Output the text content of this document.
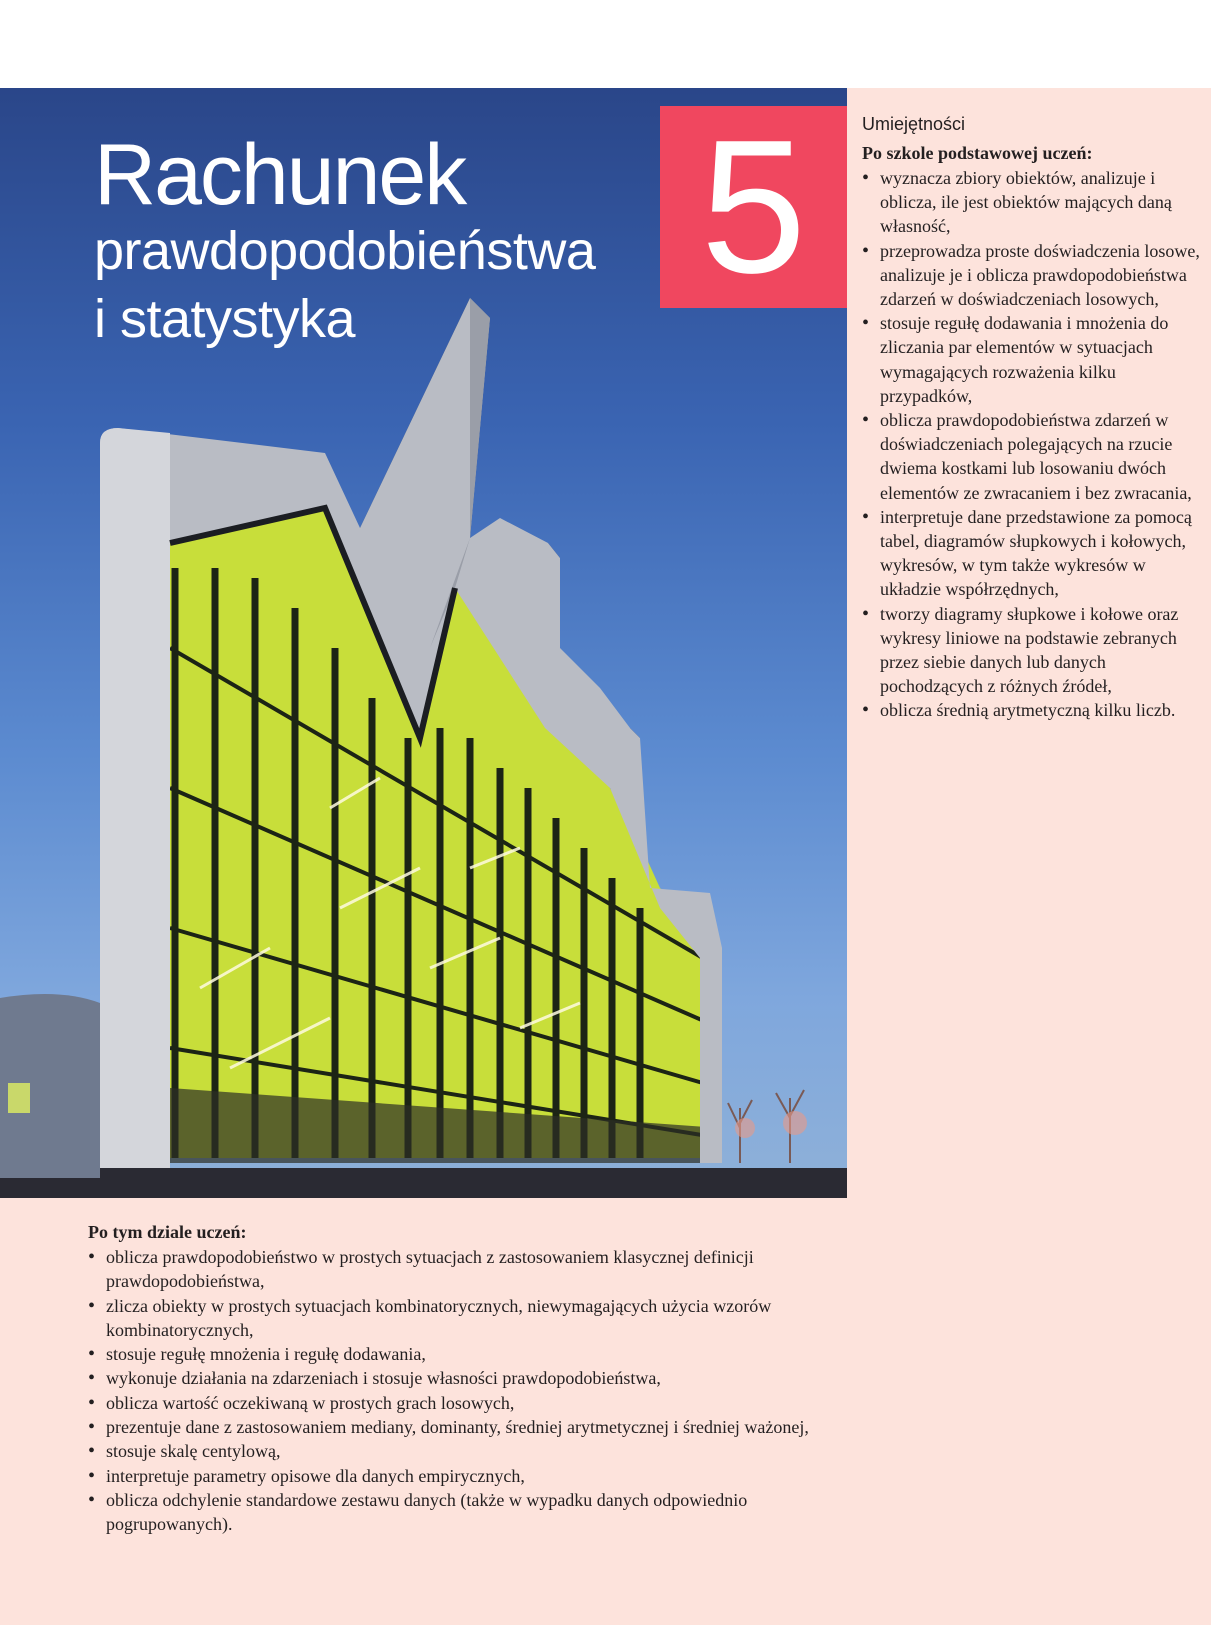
Rachunek
prawdopodobieństwa
i statystyka
5	Umiejętności
Po szkole podstawowej uczeń:
• wyznacza zbiory obiektów, analizuje i oblicza, ile jest obiektów mających daną własność,
• przeprowadza proste doświadczenia losowe, analizuje je i oblicza prawdopodobieństwa zdarzeń w doświadczeniach losowych,
• stosuje regułę dodawania i mnożenia do zliczania par elementów w sytuacjach wymagających rozważenia kilku przypadków,
• oblicza prawdopodobieństwa zdarzeń w doświadczeniach polegających na rzucie dwiema kostkami lub losowaniu dwóch elementów ze zwracaniem i bez zwracania,
• interpretuje dane przedstawione za pomocą tabel, diagramów słupkowych i kołowych, wykresów, w tym także wykresów w układzie współrzędnych,
• tworzy diagramy słupkowe i kołowe oraz wykresy liniowe na podstawie zebranych przez siebie danych lub danych pochodzących z różnych źródeł,
• oblicza średnią arytmetyczną kilku liczb.
Po tym dziale uczeń:
• oblicza prawdopodobieństwo w prostych sytuacjach z zastosowaniem klasycznej definicji prawdopodobieństwa,
• zlicza obiekty w prostych sytuacjach kombinatorycznych, niewymagających użycia wzorów kombinatorycznych,
• stosuje regułę mnożenia i regułę dodawania,
• wykonuje działania na zdarzeniach i stosuje własności prawdopodobieństwa,
• oblicza wartość oczekiwaną w prostych grach losowych,
• prezentuje dane z zastosowaniem mediany, dominanty, średniej arytmetycznej i średniej ważonej,
• stosuje skalę centylową,
• interpretuje parametry opisowe dla danych empirycznych,
• oblicza odchylenie standardowe zestawu danych (także w wypadku danych odpowiednio pogrupowanych).
